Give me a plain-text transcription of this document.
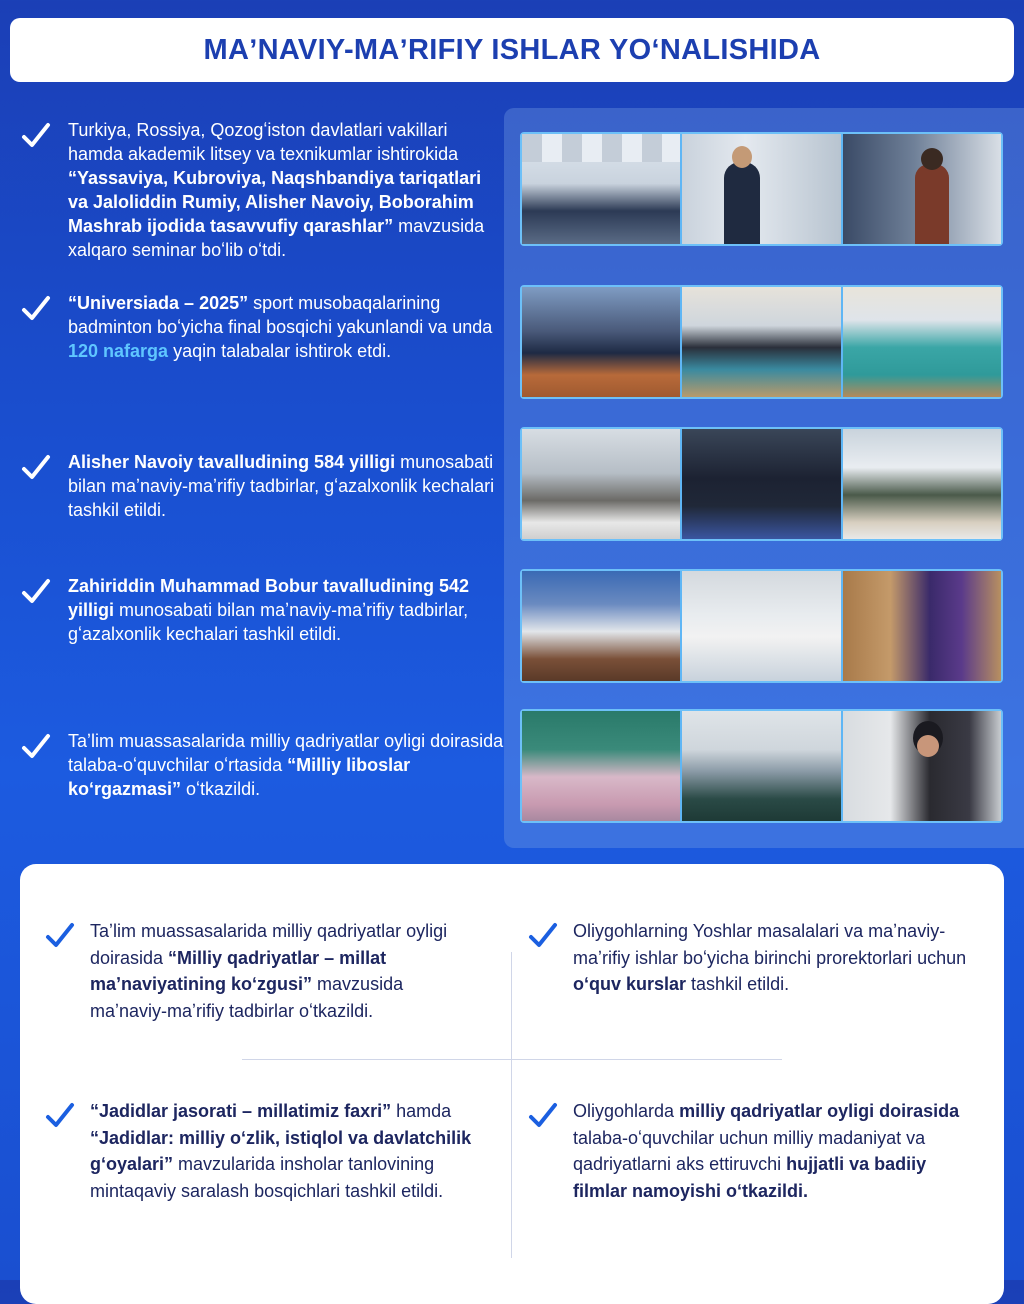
MAʼNAVIY-MAʼRIFIY ISHLAR YOʻNALISHIDA
Turkiya, Rossiya, Qozogʻiston davlatlari vakillari hamda akademik litsey va texnikumlar ishtirokida “Yassaviya, Kubroviya, Naqshbandiya tariqatlari va Jaloliddin Rumiy, Alisher Navoiy, Boborahim Mashrab ijodida tasavvufiy qarashlar” mavzusida xalqaro seminar boʻlib oʻtdi.
“Universiada – 2025” sport musobaqalarining badminton boʻyicha final bosqichi yakunlandi va unda 120 nafarga yaqin talabalar ishtirok etdi.
Alisher Navoiy tavalludining 584 yilligi munosabati bilan maʼnaviy-maʼrifiy tadbirlar, gʻazalxonlik kechalari tashkil etildi.
Zahiriddin Muhammad Bobur tavalludining 542 yilligi munosabati bilan maʼnaviy-maʼrifiy tadbirlar, gʻazalxonlik kechalari tashkil etildi.
Taʼlim muassasalarida milliy qadriyatlar oyligi doirasida talaba-oʻquvchilar oʻrtasida “Milliy liboslar koʻrgazmasi” oʻtkazildi.
Taʼlim muassasalarida milliy qadriyatlar oyligi doirasida “Milliy qadriyatlar – millat maʼnaviyatining koʻzgusi” mavzusida maʼnaviy-maʼrifiy tadbirlar oʻtkazildi.
Oliygohlarning Yoshlar masalalari va maʼnaviy-maʼrifiy ishlar boʻyicha birinchi prorektorlari uchun oʻquv kurslar tashkil etildi.
“Jadidlar jasorati – millatimiz faxri” hamda “Jadidlar: milliy oʻzlik, istiqlol va davlatchilik gʻoyalari” mavzularida insholar tanlovining mintaqaviy saralash bosqichlari tashkil etildi.
Oliygohlarda milliy qadriyatlar oyligi doirasida talaba-oʻquvchilar uchun milliy madaniyat va qadriyatlarni aks ettiruvchi hujjatli va badiiy filmlar namoyishi oʻtkazildi.
